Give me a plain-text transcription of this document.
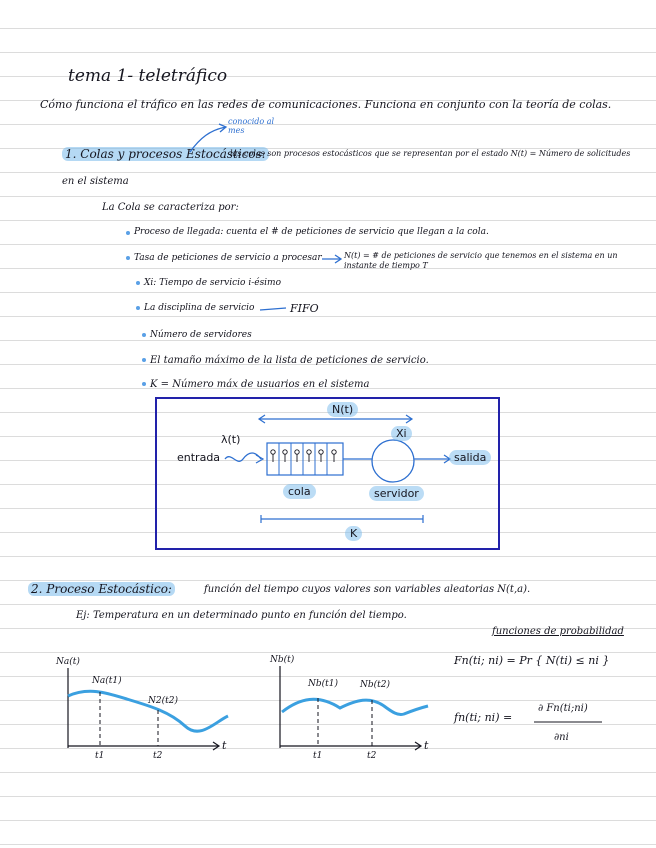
tema 1- teletráfico
Cómo funciona el tráfico en las redes de comunicaciones. Funciona en conjunto con la teoría de colas.
conocido al mes
1. Colas y procesos Estocásticos:
las colas son procesos estocásticos que se representan por el estado N(t) = Número de solicitudes
en el sistema
La Cola se caracteriza por:
Proceso de llegada: cuenta el # de peticiones de servicio que llegan a la cola.
Tasa de peticiones de servicio a procesar	N(t) = # de peticiones de servicio que tenemos en el sistema en un instante de tiempo T
Xi: Tiempo de servicio i-ésimo
La disciplina de servicio	FIFO
Número de servidores
El tamaño máximo de la lista de peticiones de servicio.
K = Número máx de usuarios en el sistema
N(t)
λ(t)	Xi
entrada
cola	servidor
salida
K
2. Proceso Estocástico:	función del tiempo cuyos valores son variables aleatorias N(t,a).
Ej: Temperatura en un determinado punto en función del tiempo.
funciones de probabilidad
Fn(ti; ni) = Pr { N(ti) ≤ ni }
fn(ti; ni) =
∂ Fn(ti;ni)
∂ni
Na(t)
Na(t1)
N2(t2)
t
t1	t2
Nb(t)
Nb(t1) Nb(t2)
t
t1	t2
